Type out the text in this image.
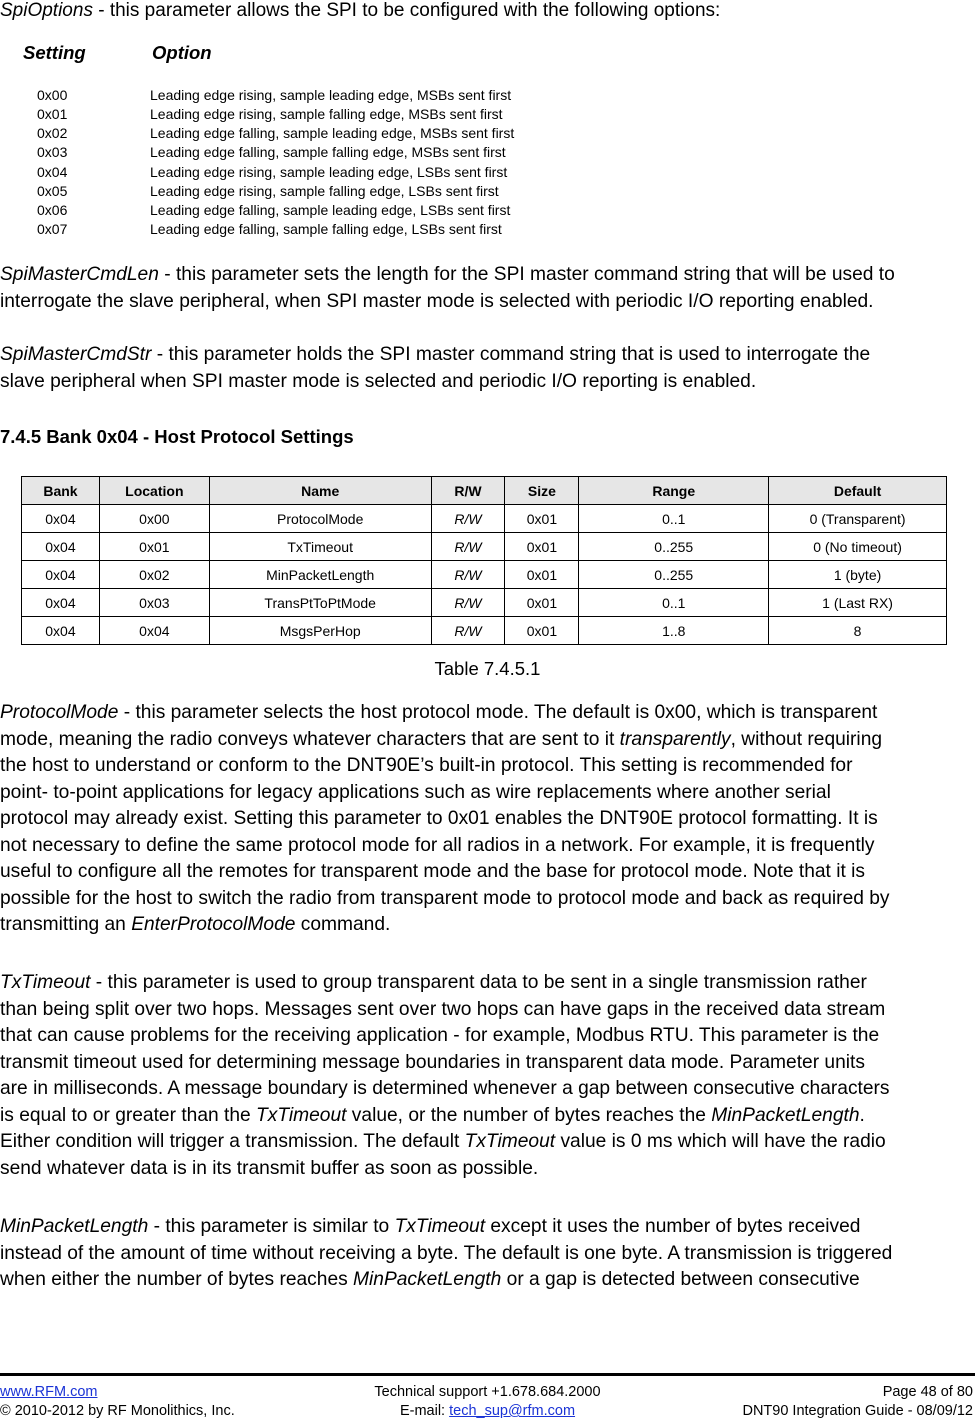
SpiOptions - this parameter allows the SPI to be configured with the following options:
Setting	Option
0x00	Leading edge rising, sample leading edge, MSBs sent first
0x01	Leading edge rising, sample falling edge, MSBs sent first
0x02	Leading edge falling, sample leading edge, MSBs sent first
0x03	Leading edge falling, sample falling edge, MSBs sent first
0x04	Leading edge rising, sample leading edge, LSBs sent first
0x05	Leading edge rising, sample falling edge, LSBs sent first
0x06	Leading edge falling, sample leading edge, LSBs sent first
0x07	Leading edge falling, sample falling edge, LSBs sent first
SpiMasterCmdLen - this parameter sets the length for the SPI master command string that will be used to
interrogate the slave peripheral, when SPI master mode is selected with periodic I/O reporting enabled.
SpiMasterCmdStr - this parameter holds the SPI master command string that is used to interrogate the
slave peripheral when SPI master mode is selected and periodic I/O reporting is enabled.
7.4.5 Bank 0x04 - Host Protocol Settings
Bank	Location	Name	R/W	Size	Range	Default
0x04	0x00	ProtocolMode	R/W	0x01	0..1	0 (Transparent)
0x04	0x01	TxTimeout	R/W	0x01	0..255	0 (No timeout)
0x04	0x02	MinPacketLength	R/W	0x01	0..255	1 (byte)
0x04	0x03	TransPtToPtMode	R/W	0x01	0..1	1 (Last RX)
0x04	0x04	MsgsPerHop	R/W	0x01	1..8	8
Table 7.4.5.1
ProtocolMode - this parameter selects the host protocol mode. The default is 0x00, which is transparent
mode, meaning the radio conveys whatever characters that are sent to it transparently, without requiring
the host to understand or conform to the DNT90E’s built-in protocol. This setting is recommended for
point- to-point applications for legacy applications such as wire replacements where another serial
protocol may already exist. Setting this parameter to 0x01 enables the DNT90E protocol formatting. It is
not necessary to define the same protocol mode for all radios in a network. For example, it is frequently
useful to configure all the remotes for transparent mode and the base for protocol mode. Note that it is
possible for the host to switch the radio from transparent mode to protocol mode and back as required by
transmitting an EnterProtocolMode command.
TxTimeout - this parameter is used to group transparent data to be sent in a single transmission rather
than being split over two hops. Messages sent over two hops can have gaps in the received data stream
that can cause problems for the receiving application - for example, Modbus RTU. This parameter is the
transmit timeout used for determining message boundaries in transparent data mode. Parameter units
are in milliseconds. A message boundary is determined whenever a gap between consecutive characters
is equal to or greater than the TxTimeout value, or the number of bytes reaches the MinPacketLength.
Either condition will trigger a transmission. The default TxTimeout value is 0 ms which will have the radio
send whatever data is in its transmit buffer as soon as possible.
MinPacketLength - this parameter is similar to TxTimeout except it uses the number of bytes received
instead of the amount of time without receiving a byte. The default is one byte. A transmission is triggered
when either the number of bytes reaches MinPacketLength or a gap is detected between consecutive
www.RFM.com
© 2010-2012 by RF Monolithics, Inc.
Technical support +1.678.684.2000
E-mail: tech_sup@rfm.com
Page 48 of 80
DNT90 Integration Guide - 08/09/12
